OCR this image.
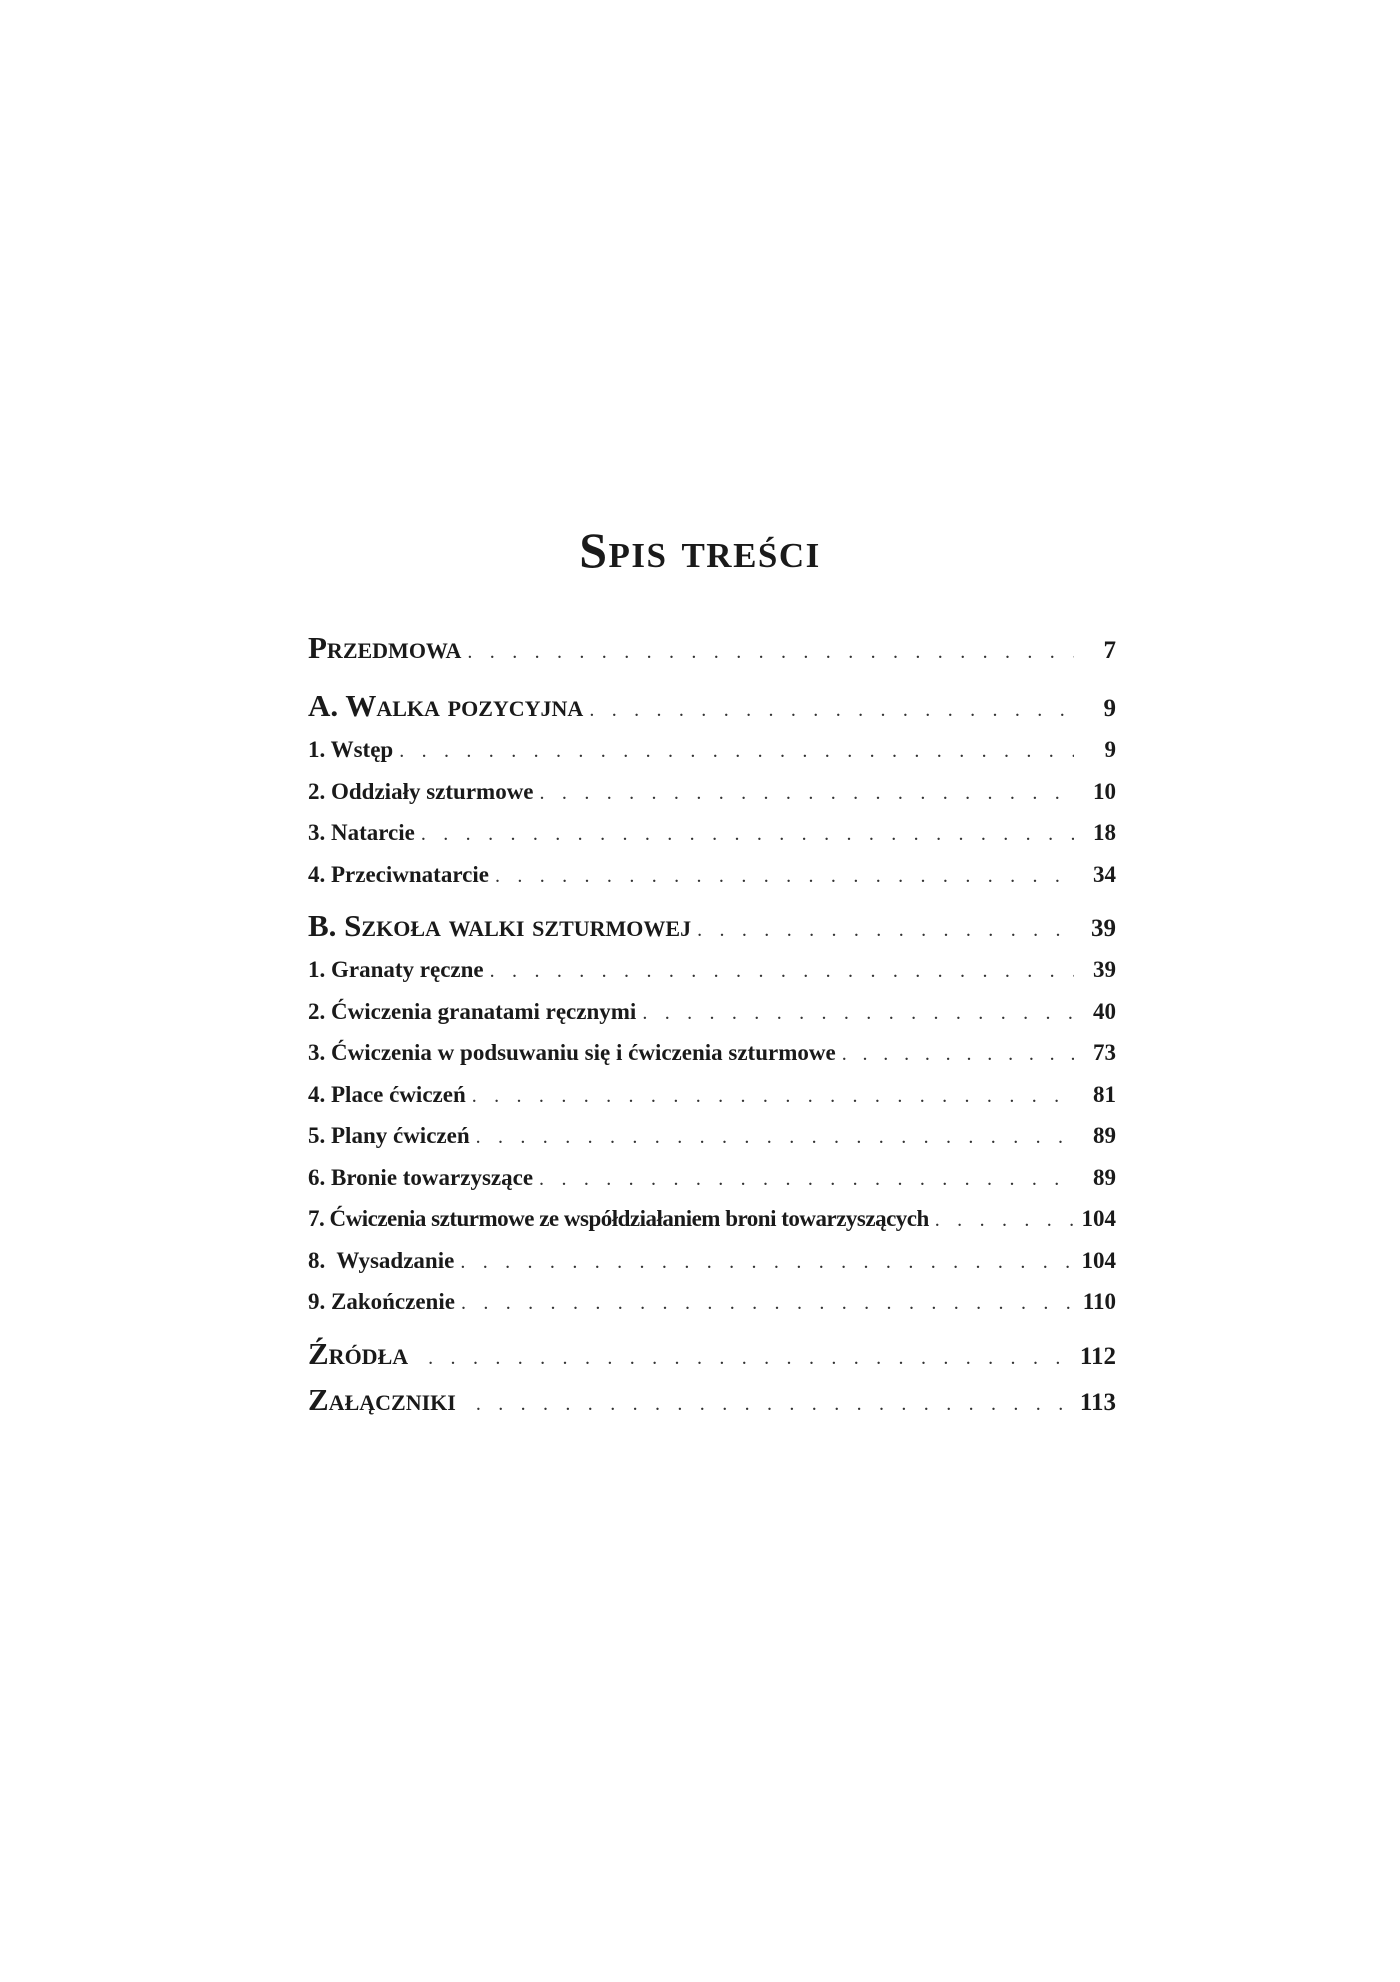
Spis treści
Przedmowa . . .	7
A. Walka pozycyjna . . .	9
1. Wstęp . . .	9
2. Oddziały szturmowe . . .	10
3. Natarcie . . .	18
4. Przeciwnatarcie . . .	34
B. Szkoła walki szturmowej . . .	39
1. Granaty ręczne . . .	39
2. Ćwiczenia granatami ręcznymi . . .	40
3. Ćwiczenia w podsuwaniu się i ćwiczenia szturmowe . . .	73
4. Place ćwiczeń . . .	81
5. Plany ćwiczeń . . .	89
6. Bronie towarzyszące . . .	89
7. Ćwiczenia szturmowe ze współdziałaniem broni towarzyszących . . .	104
8.  Wysadzanie . . .	104
9. Zakończenie . . .	110
Źródła . . .	112
Załączniki . . .	113
